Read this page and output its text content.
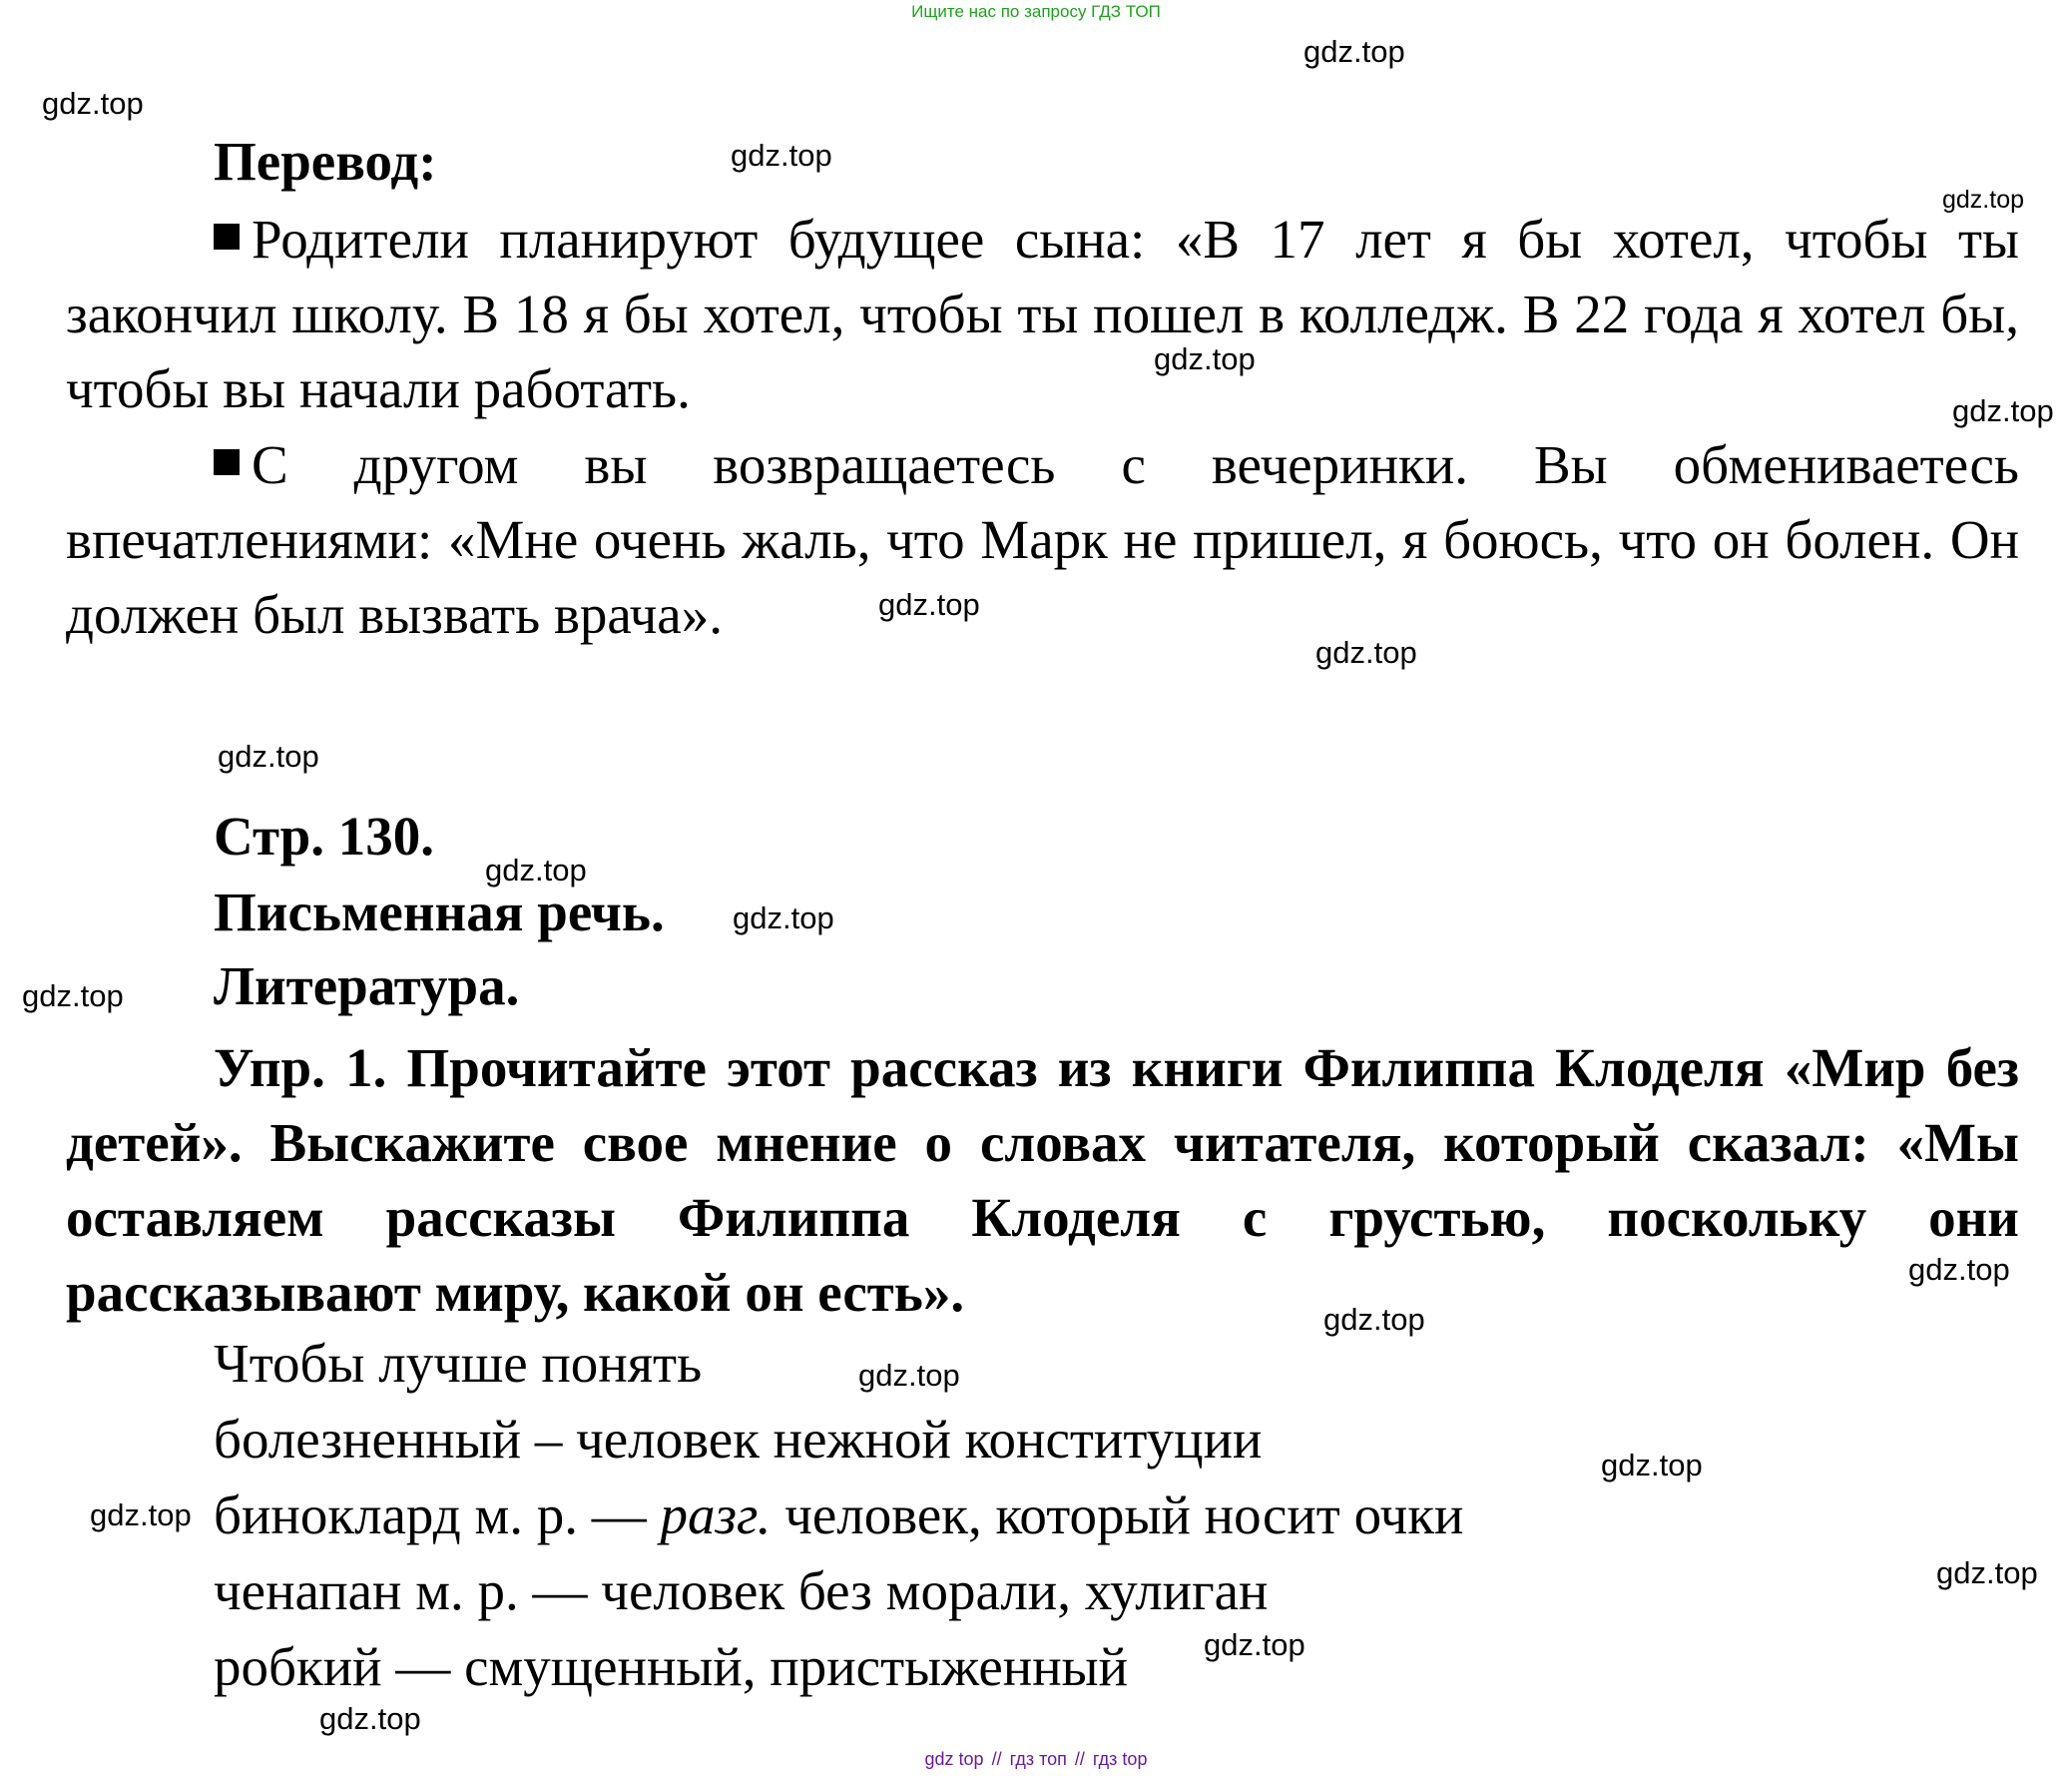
Ищите нас по запросу ГДЗ ТОП
gdz.top
gdz.top
gdz.top
gdz.top
gdz.top
gdz.top
gdz.top
gdz.top
gdz.top
gdz.top
gdz.top
gdz.top
gdz.top
gdz.top
gdz.top
gdz.top
gdz.top
gdz.top
gdz.top
gdz.top
Перевод:
Родители планируют будущее сына: «В 17 лет я бы хотел, чтобы ты закончил школу. В 18 я бы хотел, чтобы ты пошел в колледж. В 22 года я хотел бы, чтобы вы начали работать.
С другом вы возвращаетесь с вечеринки. Вы обмениваетесь впечатлениями: «Мне очень жаль, что Марк не пришел, я боюсь, что он болен. Он должен был вызвать врача».
Стр. 130.
Письменная речь.
Литература.
Упр. 1. Прочитайте этот рассказ из книги Филиппа Клоделя «Мир без детей». Выскажите свое мнение о словах читателя, который сказал: «Мы оставляем рассказы Филиппа Клоделя с грустью, поскольку они рассказывают миру, какой он есть».
Чтобы лучше понять
болезненный – человек нежной конституции
биноклард м. р. — разг. человек, который носит очки
ченапан м. р. — человек без морали, хулиган
робкий — смущенный, пристыженный
gdz top // гдз топ // гдз top
